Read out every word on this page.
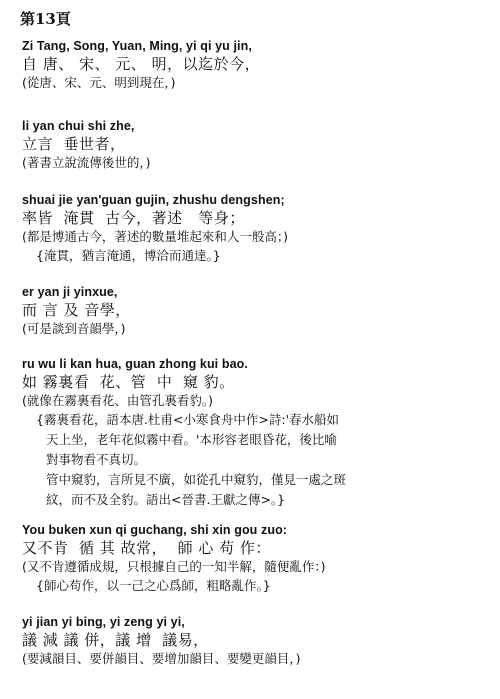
第13頁
Zi Tang, Song, Yuan, Ming, yi qi yu jin,
自 唐、 宋、 元、 明，以迄於今，
(從唐、宋、元、明到現在，)
li yan chui shi zhe,
立言  垂世者，
(著書立說流傳後世的，)
shuai jie yan'guan gujin, zhushu dengshen;
率皆  淹貫  古今，著述   等身；
(都是博通古今，著述的數量堆起來和人一般高；)
{淹貫，猶言淹通，博洽而通達。}
er yan ji yinxue,
而 言 及 音學，
(可是談到音韻學，)
ru wu li kan hua, guan zhong kui bao.
如 霧裏看  花、管  中  窺 豹。
(就像在霧裏看花、由管孔裏看豹。)
{霧裏看花，語本唐.杜甫<小寒食舟中作>詩:'春水船如
天上坐，老年花似霧中看。'本形容老眼昏花，後比喻
對事物看不真切。
管中窺豹，言所見不廣，如從孔中窺豹，僅見一處之斑
紋，而不及全豹。語出<晉書.王獻之傳>。}
You buken xun qi guchang, shi xin gou zuo:
又不肯  循 其 故常，  師 心 苟 作：
(又不肯遵循成規，只根據自己的一知半解，隨便亂作：)
{師心苟作，以一己之心爲師，粗略亂作。}
yi jian yi bing, yi zeng yi yi,
議 減 議 併，議 增  議易，
(要減韻目、要併韻目、要增加韻目、要變更韻目，)
